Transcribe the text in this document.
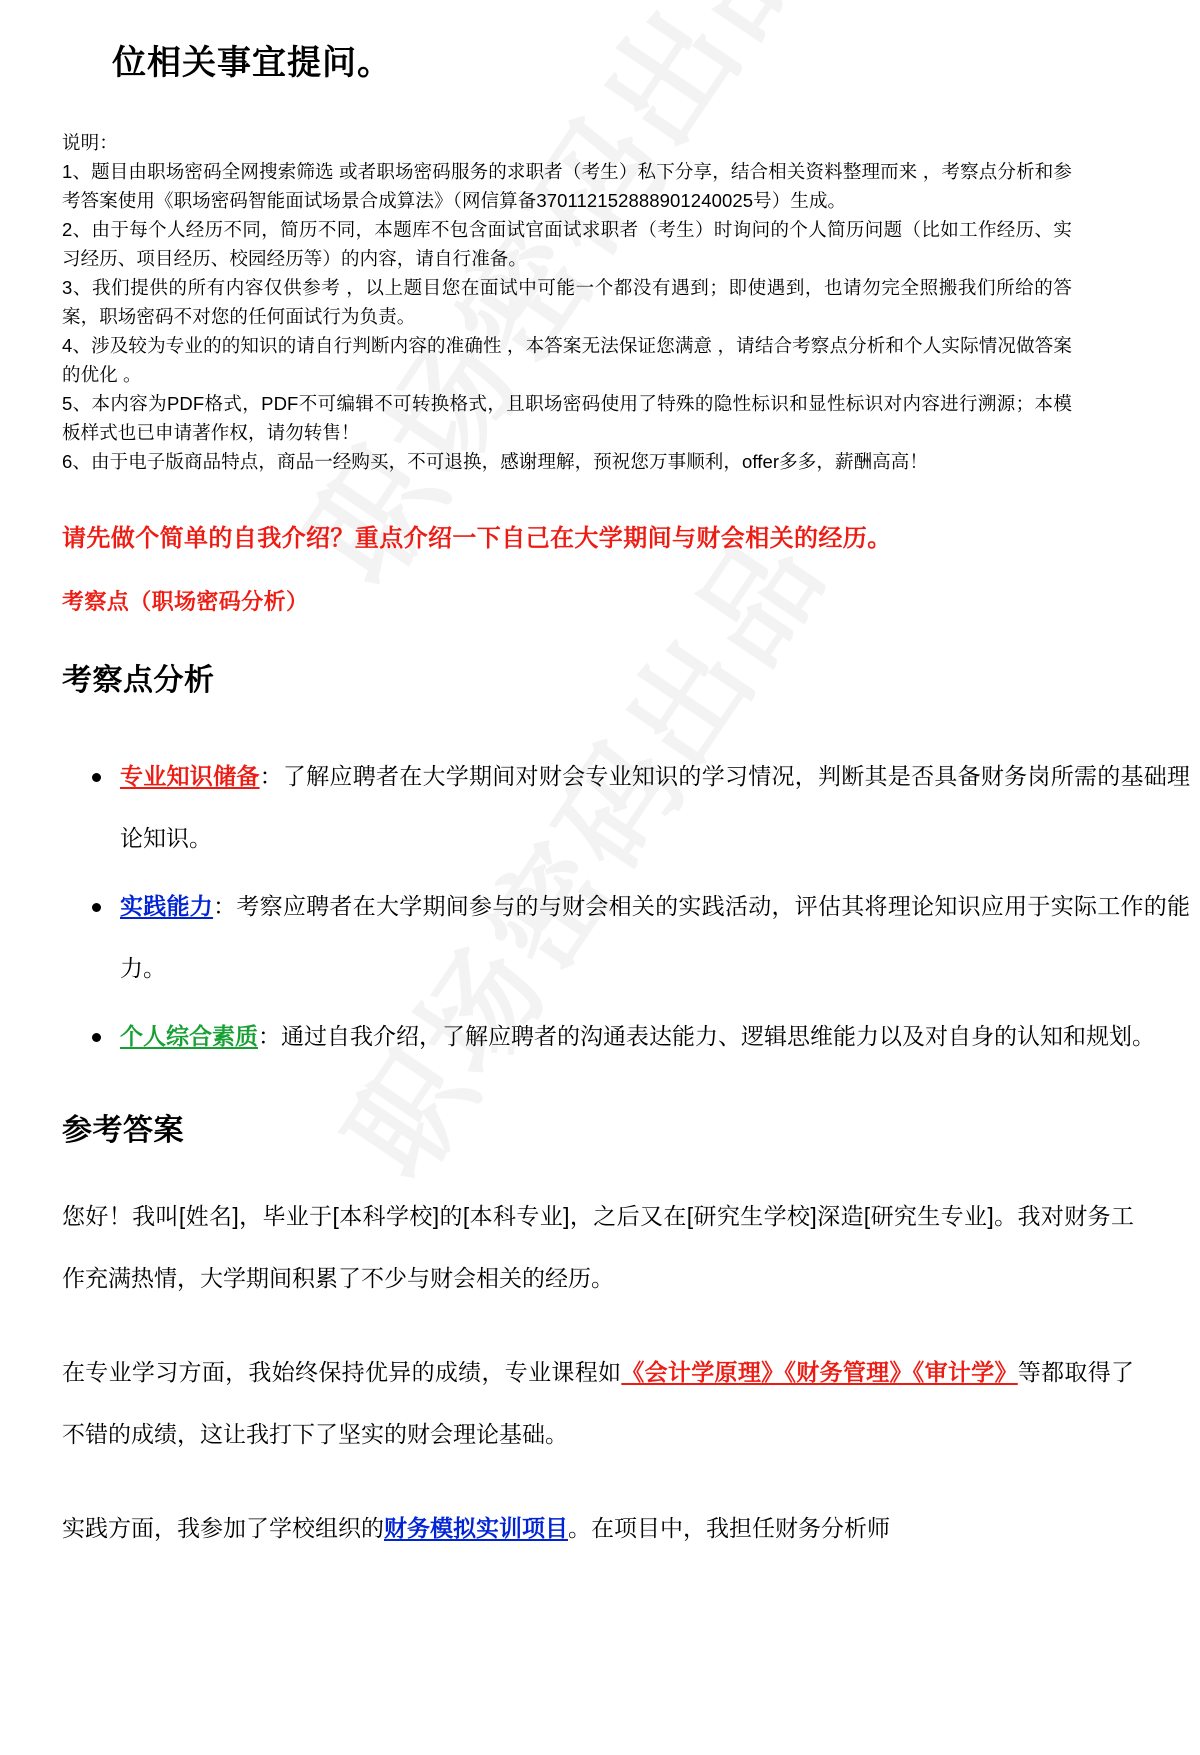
位相关事宜提问。

说明：

1、题目由职场密码全网搜索筛选 或者职场密码服务的求职者（考生）私下分享，结合相关资料整理而来 ，考察点分析和参考答案使用《职场密码智能面试场景合成算法》（网信算备370112152888901240025号）生成。

2、由于每个人经历不同，简历不同，本题库不包含面试官面试求职者（考生）时询问的个人简历问题（比如工作经历、实习经历、项目经历、校园经历等）的内容，请自行准备。

3、我们提供的所有内容仅供参考 ，以上题目您在面试中可能一个都没有遇到；即使遇到，也请勿完全照搬我们所给的答案，职场密码不对您的任何面试行为负责。

4、涉及较为专业的的知识的请自行判断内容的准确性 ，本答案无法保证您满意 ，请结合考察点分析和个人实际情况做答案的优化 。

5、本内容为PDF格式，PDF不可编辑不可转换格式，且职场密码使用了特殊的隐性标识和显性标识对内容进行溯源；本模板样式也已申请著作权，请勿转售！

6、由于电子版商品特点，商品一经购买，不可退换，感谢理解，预祝您万事顺利，offer多多，薪酬高高！

请先做个简单的自我介绍？重点介绍一下自己在大学期间与财会相关的经历。
考察点（职场密码分析）
考察点分析
专业知识储备：了解应聘者在大学期间对财会专业知识的学习情况，判断其是否具备财务岗所需的基础理论知识。
实践能力：考察应聘者在大学期间参与的与财会相关的实践活动，评估其将理论知识应用于实际工作的能力。
个人综合素质：通过自我介绍，了解应聘者的沟通表达能力、逻辑思维能力以及对自身的认知和规划。
参考答案

您好！我叫[姓名]，毕业于[本科学校]的[本科专业]，之后又在[研究生学校]深造[研究生专业]。我对财务工作充满热情，大学期间积累了不少与财会相关的经历。

在专业学习方面，我始终保持优异的成绩，专业课程如《会计学原理》《财务管理》《审计学》等都取得了不错的成绩，这让我打下了坚实的财会理论基础。

实践方面，我参加了学校组织的财务模拟实训项目。在项目中，我担任财务分析师
